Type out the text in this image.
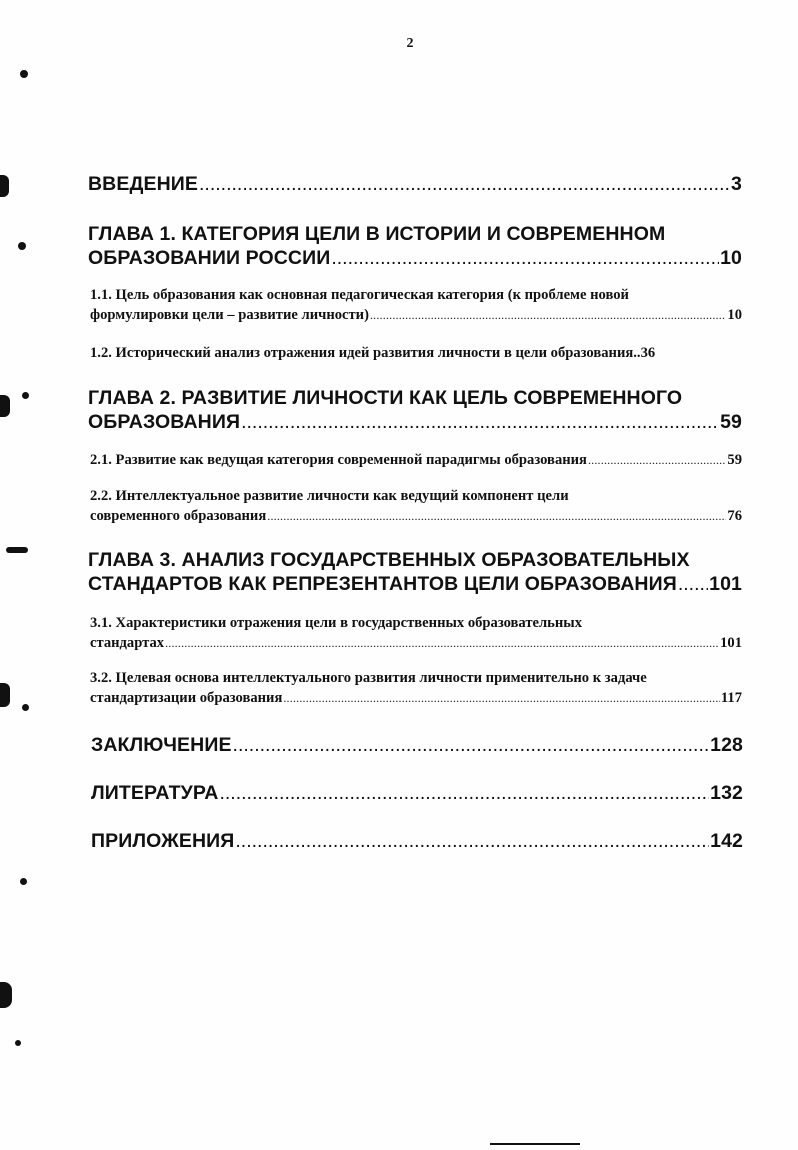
2
ВВЕДЕНИЕ .....	3
ГЛАВА 1. КАТЕГОРИЯ ЦЕЛИ В ИСТОРИИ И СОВРЕМЕННОМ
ОБРАЗОВАНИИ РОССИИ .....	10
1.1. Цель образования как основная педагогическая категория (к проблеме новой
формулировки цели – развитие личности) .....	10
1.2. Исторический анализ отражения идей развития личности в цели образования ..36
ГЛАВА 2. РАЗВИТИЕ ЛИЧНОСТИ КАК ЦЕЛЬ СОВРЕМЕННОГО
ОБРАЗОВАНИЯ .....	59
2.1. Развитие как ведущая категория современной парадигмы образования .....	59
2.2. Интеллектуальное развитие личности как ведущий компонент цели
современного образования .....	76
ГЛАВА 3. АНАЛИЗ ГОСУДАРСТВЕННЫХ ОБРАЗОВАТЕЛЬНЫХ
СТАНДАРТОВ КАК РЕПРЕЗЕНТАНТОВ ЦЕЛИ ОБРАЗОВАНИЯ ..... 101
3.1. Характеристики отражения цели в государственных образовательных
стандартах .....	101
3.2. Целевая основа интеллектуального развития личности применительно к задаче
стандартизации образования .....	117
ЗАКЛЮЧЕНИЕ .....	128
ЛИТЕРАТУРА .....	132
ПРИЛОЖЕНИЯ .....	142
